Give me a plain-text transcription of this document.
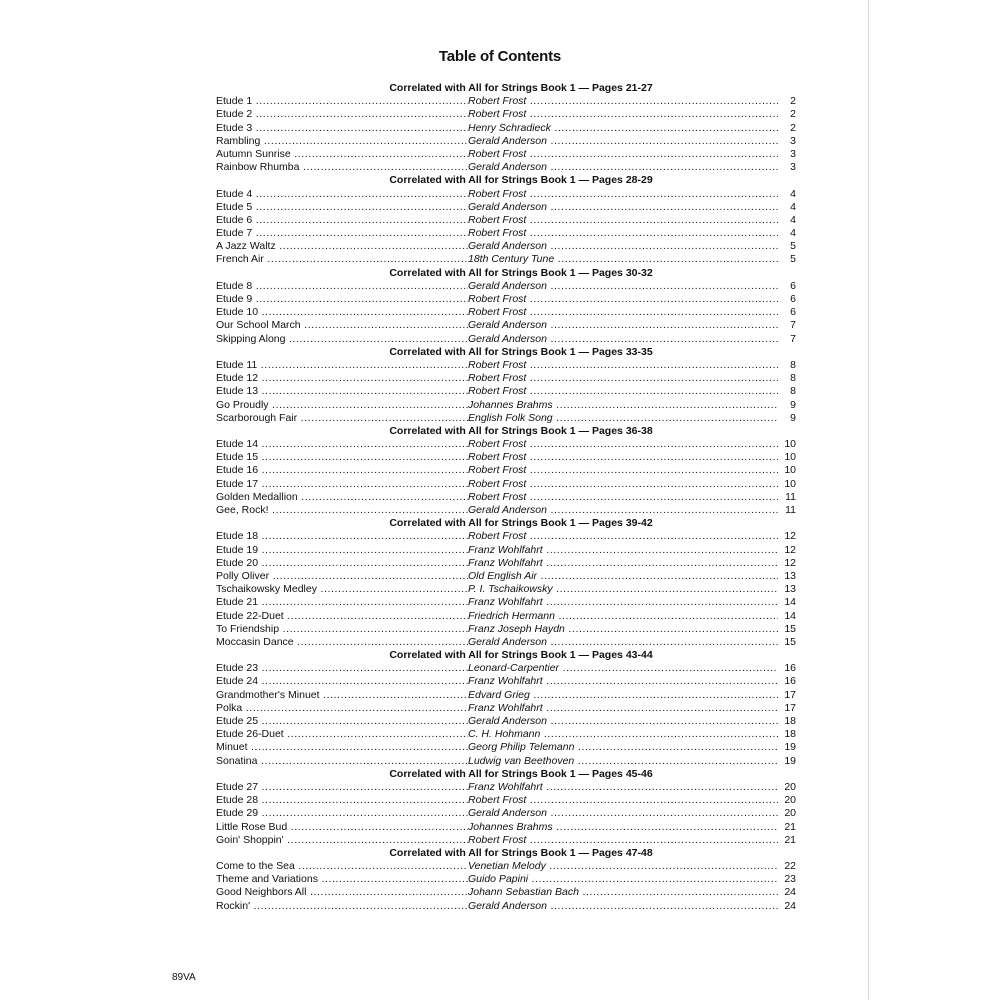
Table of Contents
Correlated with All for Strings Book 1 — Pages 21-27
Etude 1 .....	Robert Frost .....	2
Etude 2 .....	Robert Frost .....	2
Etude 3 .....	Henry Schradieck .....	2
Rambling .....	Gerald Anderson .....	3
Autumn Sunrise .....	Robert Frost .....	3
Rainbow Rhumba .....	Gerald Anderson .....	3
Correlated with All for Strings Book 1 — Pages 28-29
Etude 4 .....	Robert Frost .....	4
Etude 5 .....	Gerald Anderson .....	4
Etude 6 .....	Robert Frost .....	4
Etude 7 .....	Robert Frost .....	4
A Jazz Waltz .....	Gerald Anderson .....	5
French Air .....	18th Century Tune .....	5
Correlated with All for Strings Book 1 — Pages 30-32
Etude 8 .....	Gerald Anderson .....	6
Etude 9 .....	Robert Frost .....	6
Etude 10 .....	Robert Frost .....	6
Our School March .....	Gerald Anderson .....	7
Skipping Along .....	Gerald Anderson .....	7
Correlated with All for Strings Book 1 — Pages 33-35
Etude 11 .....	Robert Frost .....	8
Etude 12 .....	Robert Frost .....	8
Etude 13 .....	Robert Frost .....	8
Go Proudly .....	Johannes Brahms .....	9
Scarborough Fair .....	English Folk Song .....	9
Correlated with All for Strings Book 1 — Pages 36-38
Etude 14 .....	Robert Frost .....	10
Etude 15 .....	Robert Frost .....	10
Etude 16 .....	Robert Frost .....	10
Etude 17 .....	Robert Frost .....	10
Golden Medallion .....	Robert Frost .....	11
Gee, Rock! .....	Gerald Anderson .....	11
Correlated with All for Strings Book 1 — Pages 39-42
Etude 18 .....	Robert Frost .....	12
Etude 19 .....	Franz Wohlfahrt .....	12
Etude 20 .....	Franz Wohlfahrt .....	12
Polly Oliver .....	Old English Air .....	13
Tschaikowsky Medley .....	P. I. Tschaikowsky .....	13
Etude 21 .....	Franz Wohlfahrt .....	14
Etude 22-Duet .....	Friedrich Hermann .....	14
To Friendship .....	Franz Joseph Haydn .....	15
Moccasin Dance .....	Gerald Anderson .....	15
Correlated with All for Strings Book 1 — Pages 43-44
Etude 23 .....	Leonard-Carpentier .....	16
Etude 24 .....	Franz Wohlfahrt .....	16
Grandmother's Minuet .....	Edvard Grieg .....	17
Polka .....	Franz Wohlfahrt .....	17
Etude 25 .....	Gerald Anderson .....	18
Etude 26-Duet .....	C. H. Hohmann .....	18
Minuet .....	Georg Philip Telemann .....	19
Sonatina .....	Ludwig van Beethoven .....	19
Correlated with All for Strings Book 1 — Pages 45-46
Etude 27 .....	Franz Wohlfahrt .....	20
Etude 28 .....	Robert Frost .....	20
Etude 29 .....	Gerald Anderson .....	20
Little Rose Bud .....	Johannes Brahms .....	21
Goin' Shoppin' .....	Robert Frost .....	21
Correlated with All for Strings Book 1 — Pages 47-48
Come to the Sea .....	Venetian Melody .....	22
Theme and Variations .....	Guido Papini .....	23
Good Neighbors All .....	Johann Sebastian Bach .....	24
Rockin' .....	Gerald Anderson .....	24
89VA
